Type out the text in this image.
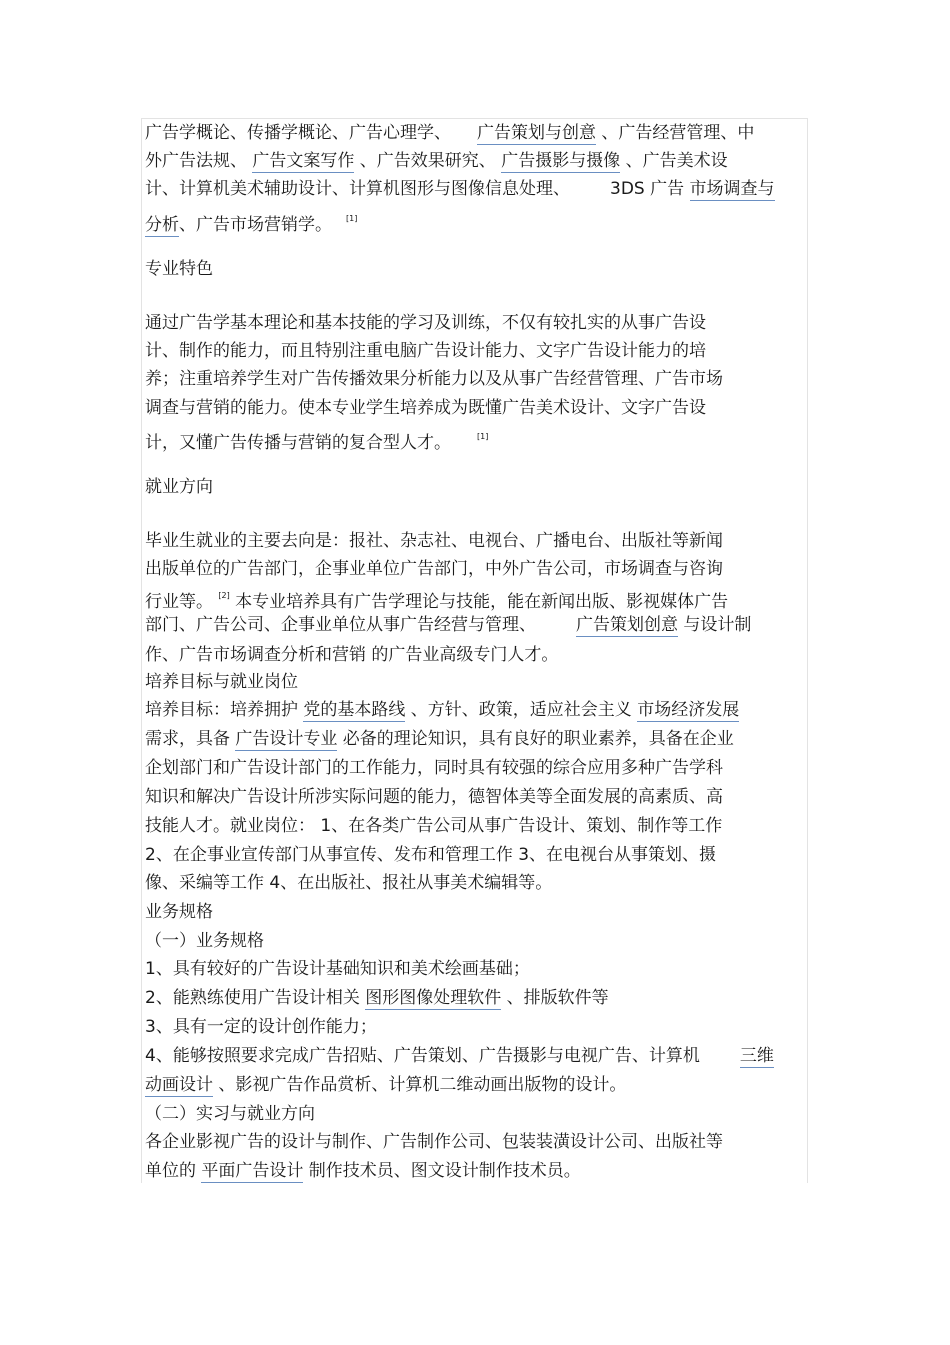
广告学概论、传播学概论、广告心理学、 广告策划与创意 、广告经营管理、中
外广告法规、 广告文案写作 、广告效果研究、 广告摄影与摄像 、广告美术设
计、计算机美术辅助设计、计算机图形与图像信息处理、 3DS 广告 市场调查与
分析、广告市场营销学。 [1]
专业特色
通过广告学基本理论和基本技能的学习及训练，不仅有较扎实的从事广告设
计、制作的能力，而且特别注重电脑广告设计能力、文字广告设计能力的培
养；注重培养学生对广告传播效果分析能力以及从事广告经营管理、广告市场
调查与营销的能力。使本专业学生培养成为既懂广告美术设计、文字广告设
计，又懂广告传播与营销的复合型人才。	[1]
就业方向
毕业生就业的主要去向是：报社、杂志社、电视台、广播电台、出版社等新闻
出版单位的广告部门，企事业单位广告部门，中外广告公司，市场调查与咨询
行业等。 [2] 本专业培养具有广告学理论与技能，能在新闻出版、影视媒体广告
部门、广告公司、企事业单位从事广告经营与管理、 广告策划创意 与设计制
作、广告市场调查分析和营销 的广告业高级专门人才。
培养目标与就业岗位
培养目标：培养拥护 党的基本路线 、方针、政策，适应社会主义 市场经济发展
需求，具备 广告设计专业 必备的理论知识，具有良好的职业素养，具备在企业
企划部门和广告设计部门的工作能力，同时具有较强的综合应用多种广告学科
知识和解决广告设计所涉实际问题的能力，德智体美等全面发展的高素质、高
技能人才。就业岗位： 1、在各类广告公司从事广告设计、策划、制作等工作
2、在企事业宣传部门从事宣传、发布和管理工作 3、在电视台从事策划、摄
像、采编等工作 4、在出版社、报社从事美术编辑等。
业务规格
（一）业务规格
1、具有较好的广告设计基础知识和美术绘画基础；
2、能熟练使用广告设计相关 图形图像处理软件 、排版软件等
3、具有一定的设计创作能力；
4、能够按照要求完成广告招贴、广告策划、广告摄影与电视广告、计算机 三维
动画设计 、影视广告作品赏析、计算机二维动画出版物的设计。
（二）实习与就业方向
各企业影视广告的设计与制作、广告制作公司、包装装潢设计公司、出版社等
单位的 平面广告设计 制作技术员、图文设计制作技术员。
